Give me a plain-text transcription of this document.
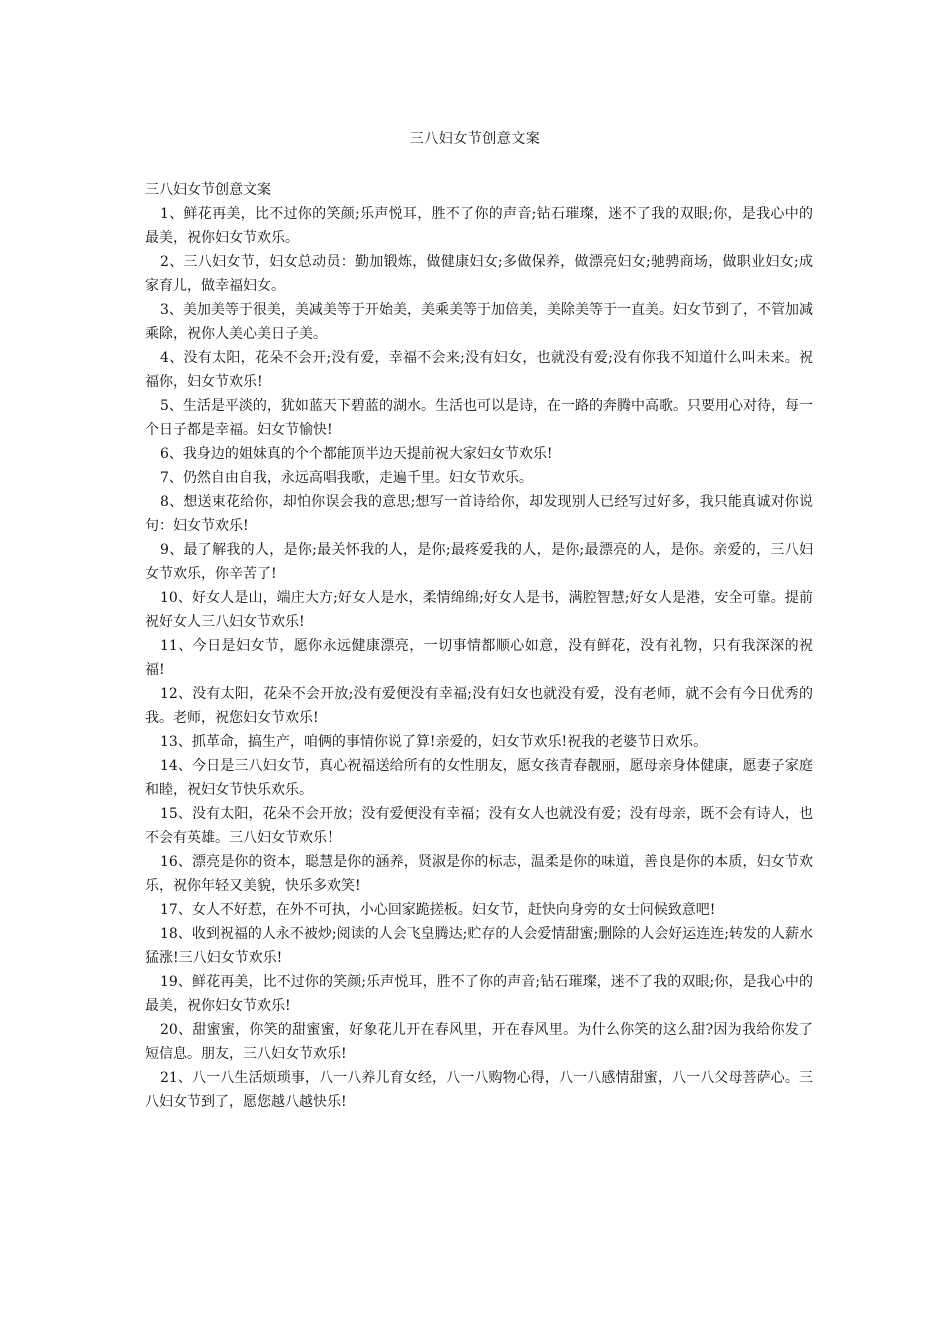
三八妇女节创意文案

三八妇女节创意文案

1、鲜花再美，比不过你的笑颜;乐声悦耳，胜不了你的声音;钻石璀璨，迷不了我的双眼;你，是我心中的最美，祝你妇女节欢乐。

2、三八妇女节，妇女总动员：勤加锻炼，做健康妇女;多做保养，做漂亮妇女;驰骋商场，做职业妇女;成家育儿，做幸福妇女。

3、美加美等于很美，美减美等于开始美，美乘美等于加倍美，美除美等于一直美。妇女节到了，不管加减乘除，祝你人美心美日子美。

4、没有太阳，花朵不会开;没有爱，幸福不会来;没有妇女，也就没有爱;没有你我不知道什么叫未来。祝福你，妇女节欢乐!

5、生活是平淡的，犹如蓝天下碧蓝的湖水。生活也可以是诗，在一路的奔腾中高歌。只要用心对待，每一个日子都是幸福。妇女节愉快!

6、我身边的姐妹真的个个都能顶半边天提前祝大家妇女节欢乐!

7、仍然自由自我，永远高唱我歌，走遍千里。妇女节欢乐。

8、想送束花给你，却怕你误会我的意思;想写一首诗给你，却发现别人已经写过好多，我只能真诚对你说句：妇女节欢乐!

9、最了解我的人，是你;最关怀我的人，是你;最疼爱我的人，是你;最漂亮的人，是你。亲爱的，三八妇女节欢乐，你辛苦了!

10、好女人是山，端庄大方;好女人是水，柔情绵绵;好女人是书，满腔智慧;好女人是港，安全可靠。提前祝好女人三八妇女节欢乐!

11、今日是妇女节，愿你永远健康漂亮，一切事情都顺心如意，没有鲜花，没有礼物，只有我深深的祝福!

12、没有太阳，花朵不会开放;没有爱便没有幸福;没有妇女也就没有爱，没有老师，就不会有今日优秀的我。老师，祝您妇女节欢乐!

13、抓革命，搞生产，咱俩的事情你说了算!亲爱的，妇女节欢乐!祝我的老婆节日欢乐。

14、今日是三八妇女节，真心祝福送给所有的女性朋友，愿女孩青春靓丽，愿母亲身体健康，愿妻子家庭和睦，祝妇女节快乐欢乐。

15、没有太阳，花朵不会开放；没有爱便没有幸福；没有女人也就没有爱；没有母亲，既不会有诗人，也不会有英雄。三八妇女节欢乐！

16、漂亮是你的资本，聪慧是你的涵养，贤淑是你的标志，温柔是你的味道，善良是你的本质，妇女节欢乐，祝你年轻又美貌，快乐多欢笑!

17、女人不好惹，在外不可执，小心回家跪搓板。妇女节，赶快向身旁的女士问候致意吧!

18、收到祝福的人永不被炒;阅读的人会飞皇腾达;贮存的人会爱情甜蜜;删除的人会好运连连;转发的人薪水猛涨!三八妇女节欢乐!

19、鲜花再美，比不过你的笑颜;乐声悦耳，胜不了你的声音;钻石璀璨，迷不了我的双眼;你，是我心中的最美，祝你妇女节欢乐!

20、甜蜜蜜，你笑的甜蜜蜜，好象花儿开在春风里，开在春风里。为什么你笑的这么甜?因为我给你发了短信息。朋友，三八妇女节欢乐!

21、八一八生活烦琐事，八一八养儿育女经，八一八购物心得，八一八感情甜蜜，八一八父母菩萨心。三八妇女节到了，愿您越八越快乐!
